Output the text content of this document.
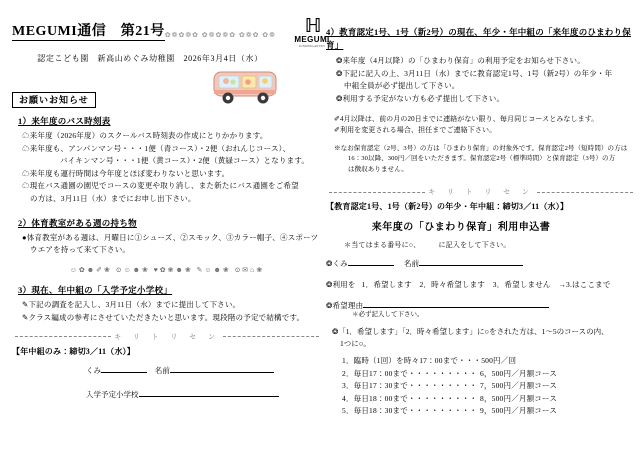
MEGUMI通信　第21号✿❁✿❁✿ ✿❁✿❁✿ ✿❁✿ ✿❁	ℍ
MEGUMI
KINDERGARTEN
認定こども園　新高山めぐみ幼稚園　2026年3月4日（水）
お願いお知らせ
1）来年度のバス時刻表
☁来年度（2026年度）のスクールバス時刻表の作成にとりかかります。
☁来年度も、アンパンマン号・・・1便（青コース）・2便（おれんじコース）、
バイキンマン号・・・1便（黄コース）・2便（黄緑コース）となります。
☁来年度も運行時間は今年度とほぼ変わりないと思います。
☁現在バス通園の園児でコースの変更や取り消し、また新たにバス通園をご希望
の方は、3月11日（水）までにお申し出下さい。
2）体育教室がある週の持ち物
●体育教室がある週は、月曜日に①シューズ、②スモック、③カラー帽子、④スポーツ
ウエアを持って来て下さい。
☺✿☻✐❀ ⊙☺☻❀ ♥✿❀☻❀ ✎☺☻❀ ⊙✉⌂❀
3）現在、年中組の「入学予定小学校」
✎下記の調査を記入し、3月11日（水）までに提出して下さい。
✎クラス編成の参考にさせていただきたいと思います。現段階の予定で結構です。
キ リ ト リ セ ン
【年中組のみ：締切3／11（水）】
くみ	名前
入学予定小学校
4）教育認定1号、1号（新2号）の現在、年少・年中組の「来年度のひまわり保
育」
❂来年度（4月以降）の「ひまわり保育」の利用予定をお知らせ下さい。
❂下記に記入の上、3月11日（水）までに教育認定1号、1号（新2号）の年少・年
中組全員が必ず提出して下さい。
❂利用する予定がない方も必ず提出して下さい。
✐4月以降は、前の月の20日までに連絡がない限り、毎月同じコースとみなします。
✐利用を変更される場合、担任までご連絡下さい。
※なお保育認定（2号、3号）の方は「ひまわり保育」の対象外です。保育認定2号（短時間）の方は
16：30以降、300円／回をいただきます。保育認定2号（標準時間）と保育認定（3号）の方
は徴収ありません。
キ リ ト リ セ ン
【教育認定1号、1号（新2号）の年少・年中組：締切3／11（水）】
来年度の「ひまわり保育」利用申込書
＊当てはまる番号に○、　　　に記入をして下さい。
❂くみ	名前
❂利用を 1．希望します　2．時々希望します　3．希望しません　→3.はここまで
❂希望理由
＊必ず記入して下さい。
❂「1．希望します」「2．時々希望します」に○をされた方は、1〜5のコースの内、
1つに○。
1．臨時（1回）を時々17：00まで・・・ 500円／回
2．毎日17：00まで・・・・・・・・・ 6，500円／月額コース
3．毎日17：30まで・・・・・・・・・ 7，500円／月額コース
4．毎日18：00まで・・・・・・・・・ 8，500円／月額コース
5．毎日18：30まで・・・・・・・・・ 9，500円／月額コース
